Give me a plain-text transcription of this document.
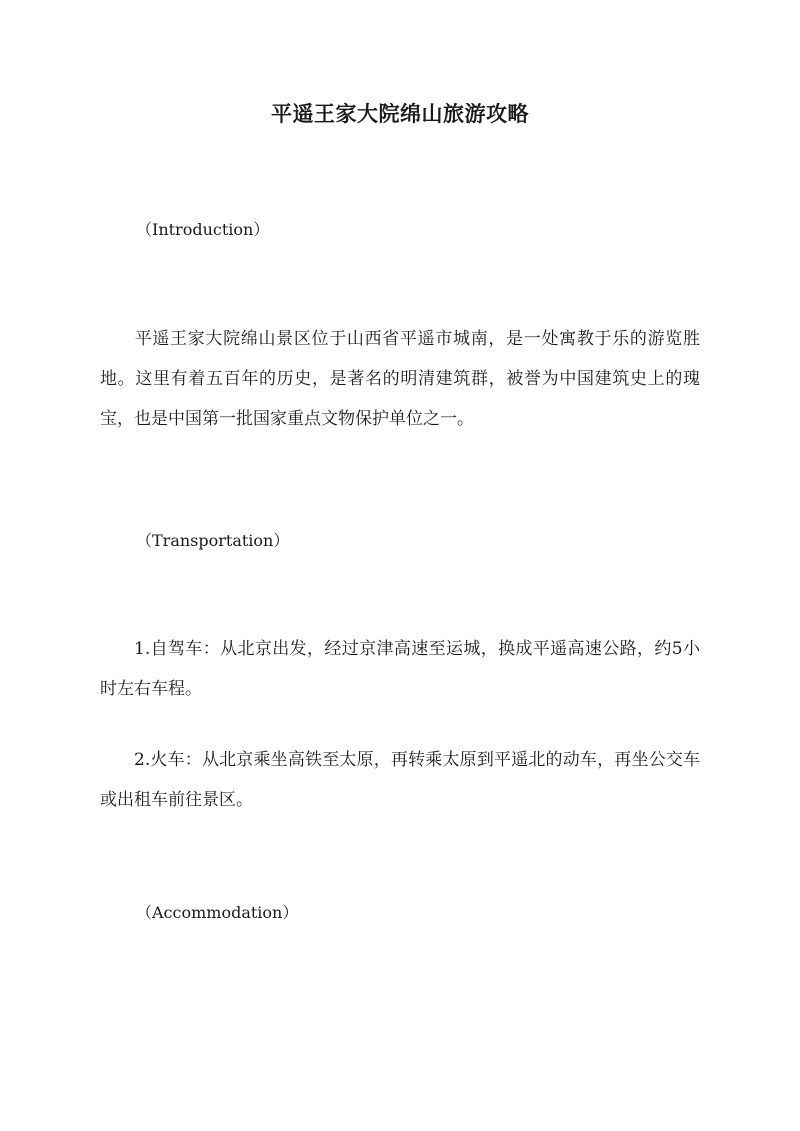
平遥王家大院绵山旅游攻略
（Introduction）
平遥王家大院绵山景区位于山西省平遥市城南，是一处寓教于乐的游览胜地。这里有着五百年的历史，是著名的明清建筑群，被誉为中国建筑史上的瑰宝，也是中国第一批国家重点文物保护单位之一。
（Transportation）
1.自驾车：从北京出发，经过京津高速至运城，换成平遥高速公路，约5小时左右车程。
2.火车：从北京乘坐高铁至太原，再转乘太原到平遥北的动车，再坐公交车或出租车前往景区。
（Accommodation）
